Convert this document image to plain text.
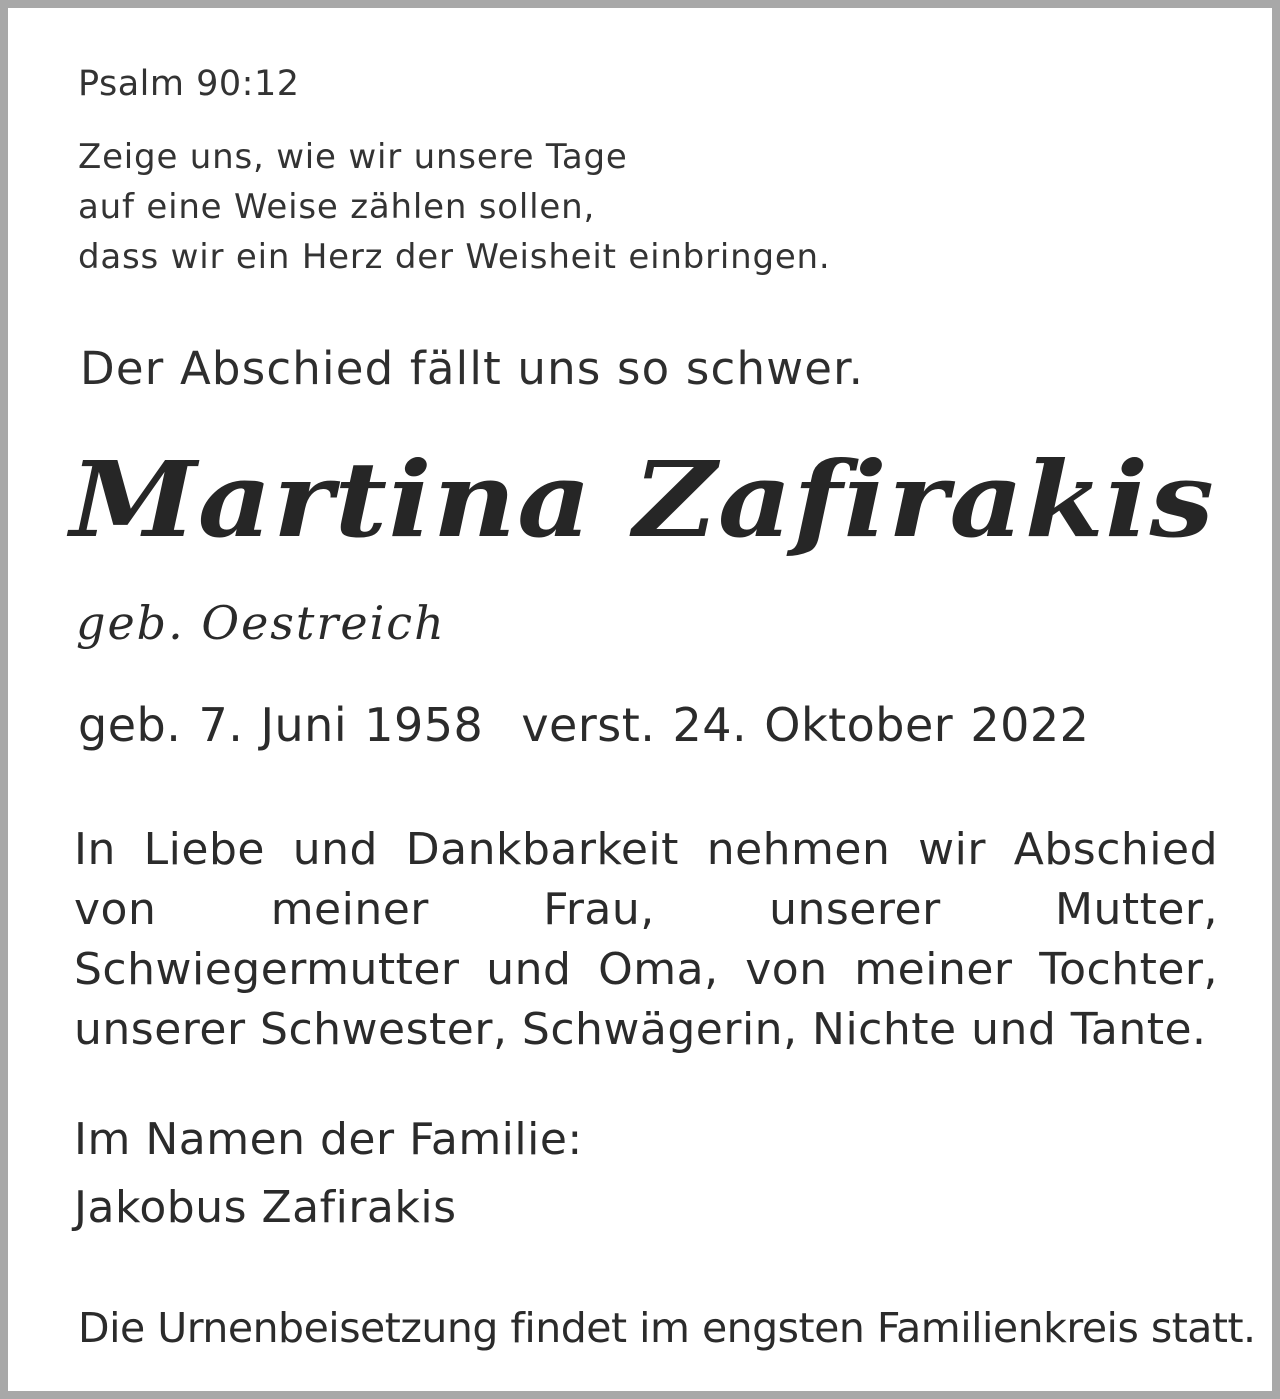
Psalm 90:12

Zeige uns, wie wir unsere Tage
auf eine Weise zählen sollen,
dass wir ein Herz der Weisheit einbringen.

Der Abschied fällt uns so schwer.

Martina Zafirakis

geb. Oestreich

geb. 7. Juni 1958 verst. 24. Oktober 2022

In Liebe und Dankbarkeit nehmen wir Abschied von meiner Frau, unserer Mutter, Schwiegermutter und Oma, von meiner Tochter, unserer Schwester, Schwägerin, Nichte und Tante.

Im Namen der Familie:

Jakobus Zafirakis

Die Urnenbeisetzung findet im engsten Familienkreis statt.
